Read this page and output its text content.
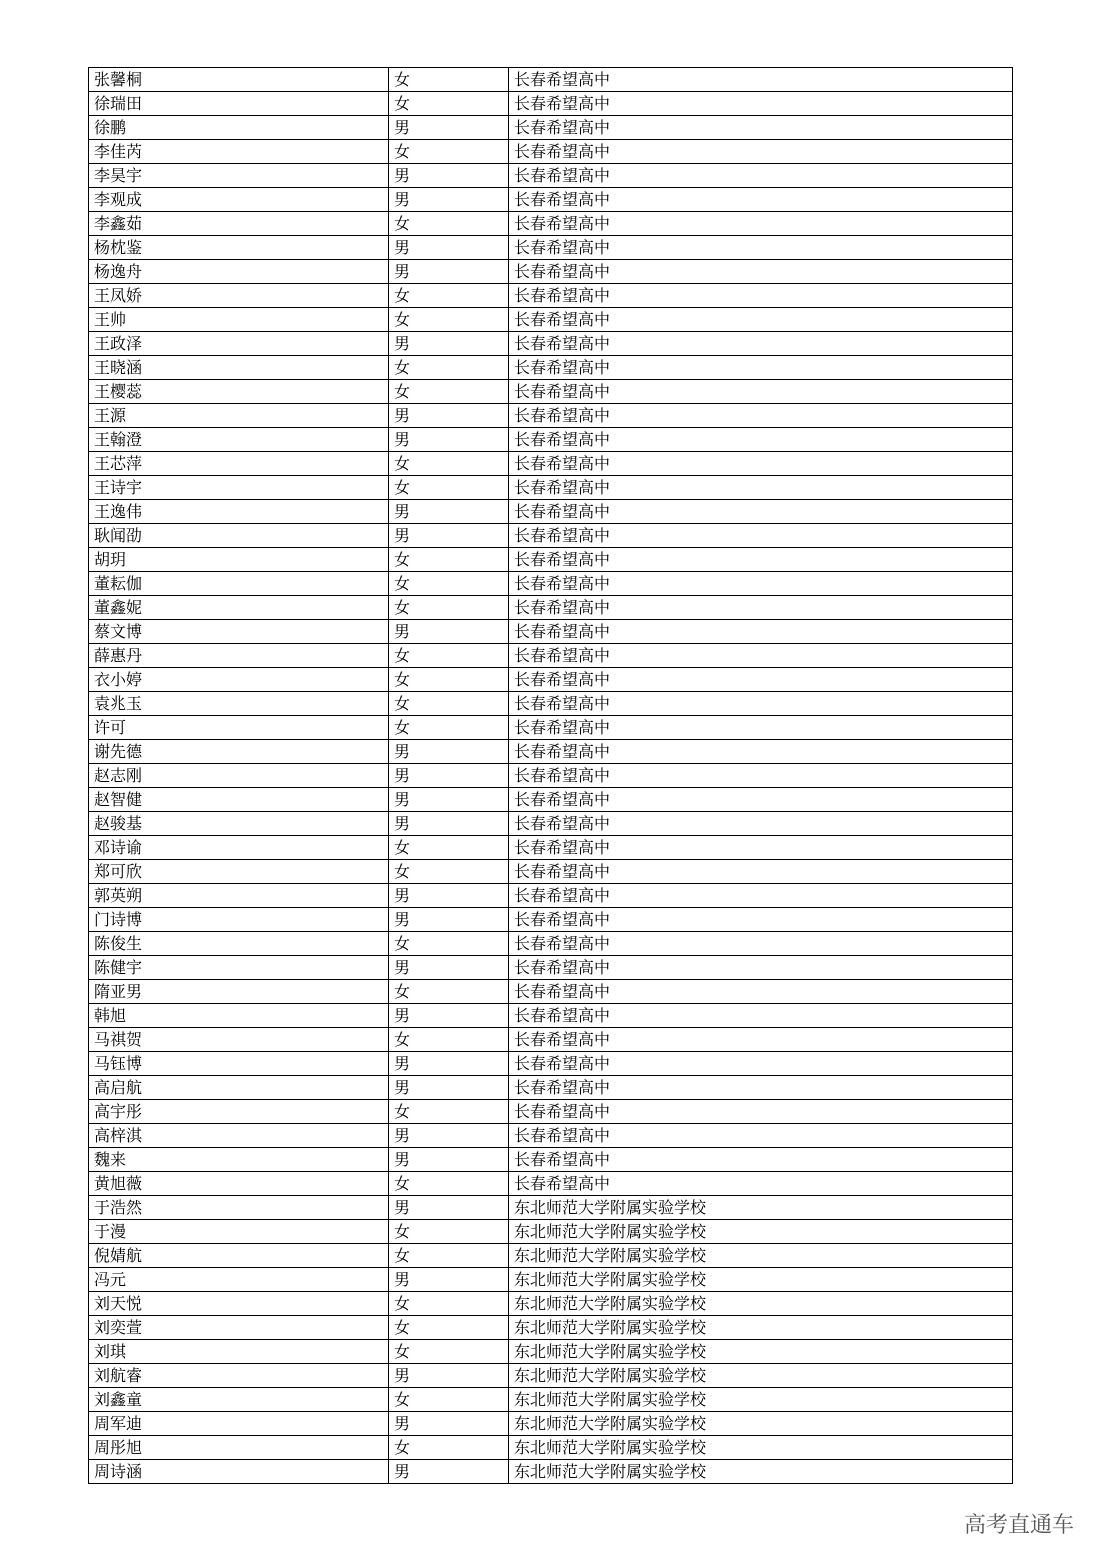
张馨桐	女	长春希望高中
徐瑞田	女	长春希望高中
徐鹏	男	长春希望高中
李佳芮	女	长春希望高中
李昊宇	男	长春希望高中
李观成	男	长春希望高中
李鑫茹	女	长春希望高中
杨枕鉴	男	长春希望高中
杨逸舟	男	长春希望高中
王凤娇	女	长春希望高中
王帅	女	长春希望高中
王政泽	男	长春希望高中
王晓涵	女	长春希望高中
王樱蕊	女	长春希望高中
王源	男	长春希望高中
王翰澄	男	长春希望高中
王芯萍	女	长春希望高中
王诗宇	女	长春希望高中
王逸伟	男	长春希望高中
耿闻劭	男	长春希望高中
胡玥	女	长春希望高中
董耘伽	女	长春希望高中
董鑫妮	女	长春希望高中
蔡文博	男	长春希望高中
薛惠丹	女	长春希望高中
衣小婷	女	长春希望高中
袁兆玉	女	长春希望高中
许可	女	长春希望高中
谢先德	男	长春希望高中
赵志刚	男	长春希望高中
赵智健	男	长春希望高中
赵骏基	男	长春希望高中
邓诗谕	女	长春希望高中
郑可欣	女	长春希望高中
郭英朔	男	长春希望高中
门诗博	男	长春希望高中
陈俊生	女	长春希望高中
陈健宇	男	长春希望高中
隋亚男	女	长春希望高中
韩旭	男	长春希望高中
马祺贺	女	长春希望高中
马钰博	男	长春希望高中
高启航	男	长春希望高中
高宇彤	女	长春希望高中
高梓淇	男	长春希望高中
魏来	男	长春希望高中
黄旭薇	女	长春希望高中
于浩然	男	东北师范大学附属实验学校
于漫	女	东北师范大学附属实验学校
倪婧航	女	东北师范大学附属实验学校
冯元	男	东北师范大学附属实验学校
刘天悦	女	东北师范大学附属实验学校
刘奕萱	女	东北师范大学附属实验学校
刘琪	女	东北师范大学附属实验学校
刘航睿	男	东北师范大学附属实验学校
刘鑫童	女	东北师范大学附属实验学校
周军迪	男	东北师范大学附属实验学校
周彤旭	女	东北师范大学附属实验学校
周诗涵	男	东北师范大学附属实验学校
高考直通车
